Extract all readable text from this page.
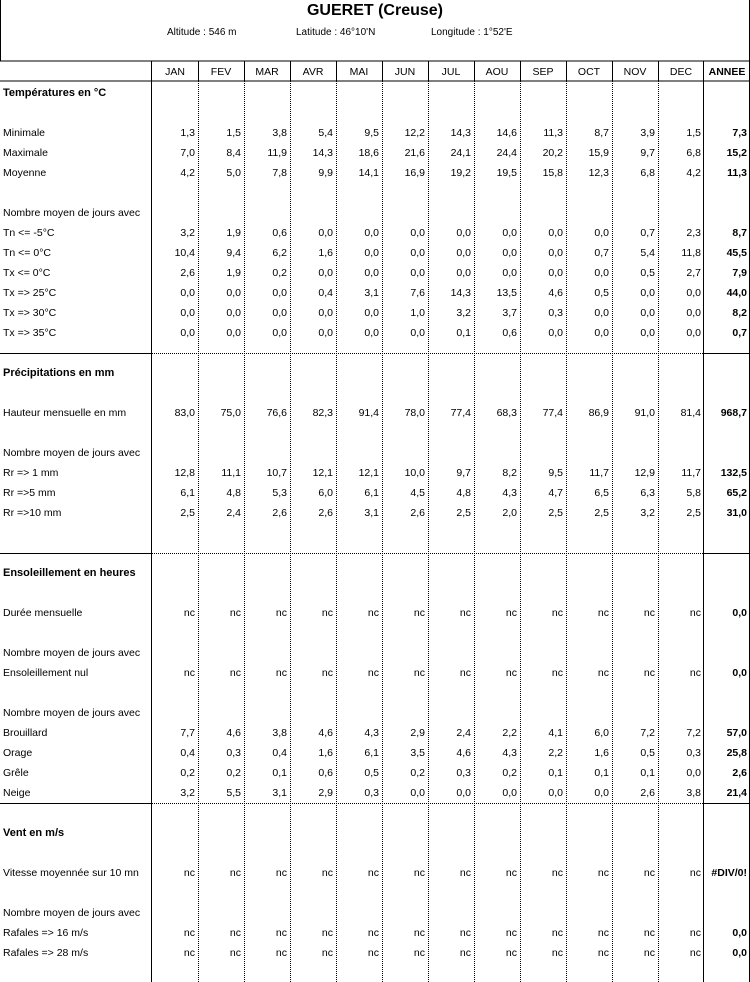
GUERET (Creuse)
Altitude : 546 m	Latitude : 46°10'N	Longitude : 1°52'E
JAN	FEV	MAR	AVR	MAI	JUN	JUL	AOU	SEP	OCT	NOV	DEC	ANNEE
Températures en °C
Minimale	1,3	1,5	3,8	5,4	9,5	12,2	14,3	14,6	11,3	8,7	3,9	1,5	7,3
Maximale	7,0	8,4	11,9	14,3	18,6	21,6	24,1	24,4	20,2	15,9	9,7	6,8	15,2
Moyenne	4,2	5,0	7,8	9,9	14,1	16,9	19,2	19,5	15,8	12,3	6,8	4,2	11,3
Nombre moyen de jours avec
Tn <= -5°C	3,2	1,9	0,6	0,0	0,0	0,0	0,0	0,0	0,0	0,0	0,7	2,3	8,7
Tn <= 0°C	10,4	9,4	6,2	1,6	0,0	0,0	0,0	0,0	0,0	0,7	5,4	11,8	45,5
Tx <= 0°C	2,6	1,9	0,2	0,0	0,0	0,0	0,0	0,0	0,0	0,0	0,5	2,7	7,9
Tx => 25°C	0,0	0,0	0,0	0,4	3,1	7,6	14,3	13,5	4,6	0,5	0,0	0,0	44,0
Tx => 30°C	0,0	0,0	0,0	0,0	0,0	1,0	3,2	3,7	0,3	0,0	0,0	0,0	8,2
Tx => 35°C	0,0	0,0	0,0	0,0	0,0	0,0	0,1	0,6	0,0	0,0	0,0	0,0	0,7
Précipitations en mm
Hauteur mensuelle en mm	83,0	75,0	76,6	82,3	91,4	78,0	77,4	68,3	77,4	86,9	91,0	81,4	968,7
Nombre moyen de jours avec
Rr => 1 mm	12,8	11,1	10,7	12,1	12,1	10,0	9,7	8,2	9,5	11,7	12,9	11,7	132,5
Rr =>5 mm	6,1	4,8	5,3	6,0	6,1	4,5	4,8	4,3	4,7	6,5	6,3	5,8	65,2
Rr =>10 mm	2,5	2,4	2,6	2,6	3,1	2,6	2,5	2,0	2,5	2,5	3,2	2,5	31,0
Ensoleillement en heures
Durée mensuelle	nc	nc	nc	nc	nc	nc	nc	nc	nc	nc	nc	nc	0,0
Nombre moyen de jours avec
Ensoleillement nul	nc	nc	nc	nc	nc	nc	nc	nc	nc	nc	nc	nc	0,0
Nombre moyen de jours avec
Brouillard	7,7	4,6	3,8	4,6	4,3	2,9	2,4	2,2	4,1	6,0	7,2	7,2	57,0
Orage	0,4	0,3	0,4	1,6	6,1	3,5	4,6	4,3	2,2	1,6	0,5	0,3	25,8
Grêle	0,2	0,2	0,1	0,6	0,5	0,2	0,3	0,2	0,1	0,1	0,1	0,0	2,6
Neige	3,2	5,5	3,1	2,9	0,3	0,0	0,0	0,0	0,0	0,0	2,6	3,8	21,4
Vent en m/s
Vitesse moyennée sur 10 mn	nc	nc	nc	nc	nc	nc	nc	nc	nc	nc	nc	nc #DIV/0!
Nombre moyen de jours avec
Rafales => 16 m/s	nc	nc	nc	nc	nc	nc	nc	nc	nc	nc	nc	nc	0,0
Rafales => 28 m/s	nc	nc	nc	nc	nc	nc	nc	nc	nc	nc	nc	nc	0,0
